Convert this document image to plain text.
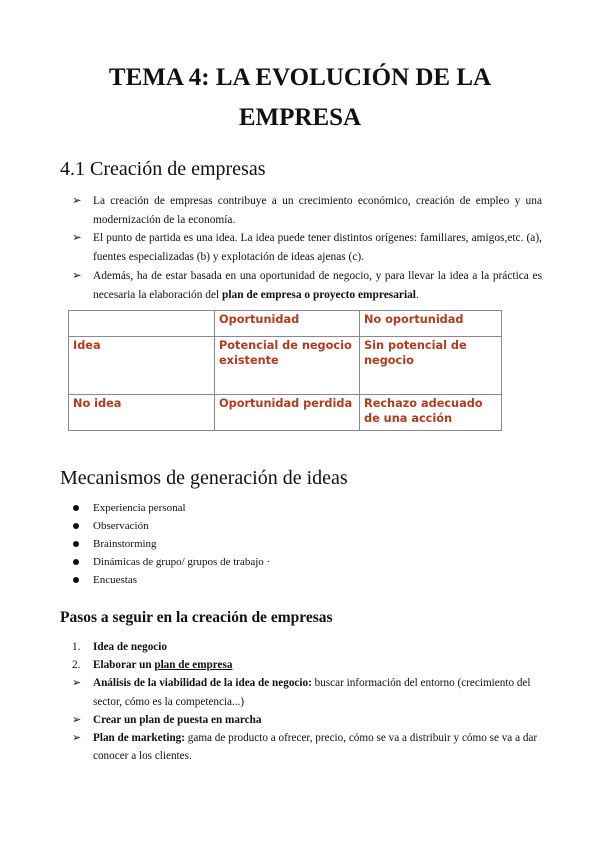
TEMA 4: LA EVOLUCIÓN DE LA
EMPRESA
4.1 Creación de empresas
➢ La creación de empresas contribuye a un crecimiento económico, creación de empleo y una modernización de la economía.
➢ El punto de partida es una idea. La idea puede tener distintos orígenes: familiares, amigos,etc. (a), fuentes especializadas (b) y explotación de ideas ajenas (c).
➢ Además, ha de estar basada en una oportunidad de negocio, y para llevar la idea a la práctica es necesaria la elaboración del plan de empresa o proyecto empresarial.
	Oportunidad	No oportunidad
Idea	Potencial de negocio existente	Sin potencial de negocio
No idea	Oportunidad perdida	Rechazo adecuado de una acción
Mecanismos de generación de ideas
Experiencia personal
Observación
Brainstorming
Dinámicas de grupo/ grupos de trabajo ·
Encuestas
Pasos a seguir en la creación de empresas
1. Idea de negocio
2. Elaborar un plan de empresa
➢ Análisis de la viabilidad de la idea de negocio: buscar información del entorno (crecimiento del sector, cómo es la competencia...)
➢ Crear un plan de puesta en marcha
➢ Plan de marketing: gama de producto a ofrecer, precio, cómo se va a distribuir y cómo se va a dar conocer a los clientes.
